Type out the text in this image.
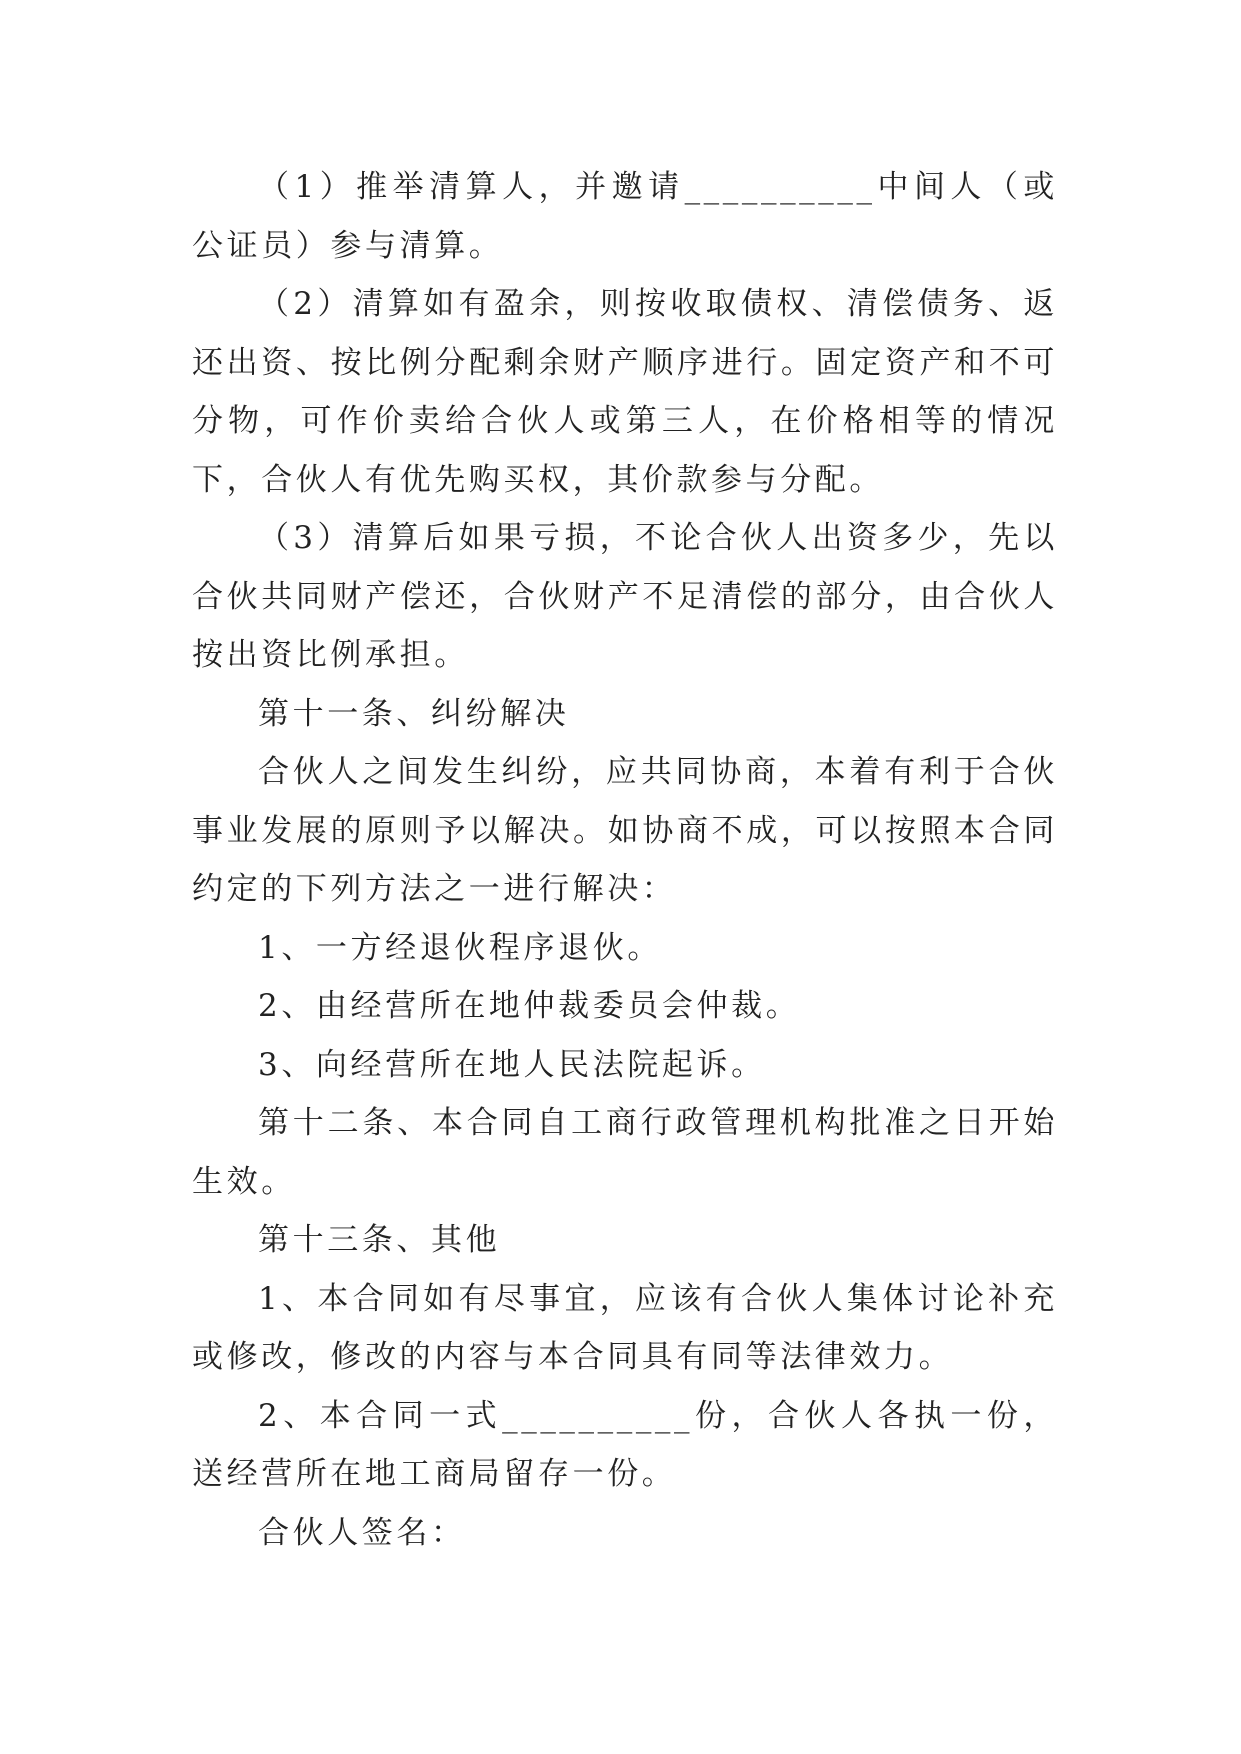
（1）推举清算人，并邀请__________中间人（或公证员）参与清算。

（2）清算如有盈余，则按收取债权、清偿债务、返还出资、按比例分配剩余财产顺序进行。固定资产和不可分物，可作价卖给合伙人或第三人，在价格相等的情况下，合伙人有优先购买权，其价款参与分配。

（3）清算后如果亏损，不论合伙人出资多少，先以合伙共同财产偿还，合伙财产不足清偿的部分，由合伙人按出资比例承担。

第十一条、纠纷解决

合伙人之间发生纠纷，应共同协商，本着有利于合伙事业发展的原则予以解决。如协商不成，可以按照本合同约定的下列方法之一进行解决：

1、一方经退伙程序退伙。

2、由经营所在地仲裁委员会仲裁。

3、向经营所在地人民法院起诉。

第十二条、本合同自工商行政管理机构批准之日开始生效。

第十三条、其他

1、本合同如有尽事宜，应该有合伙人集体讨论补充或修改，修改的内容与本合同具有同等法律效力。

2、本合同一式__________份，合伙人各执一份，送经营所在地工商局留存一份。

合伙人签名：
